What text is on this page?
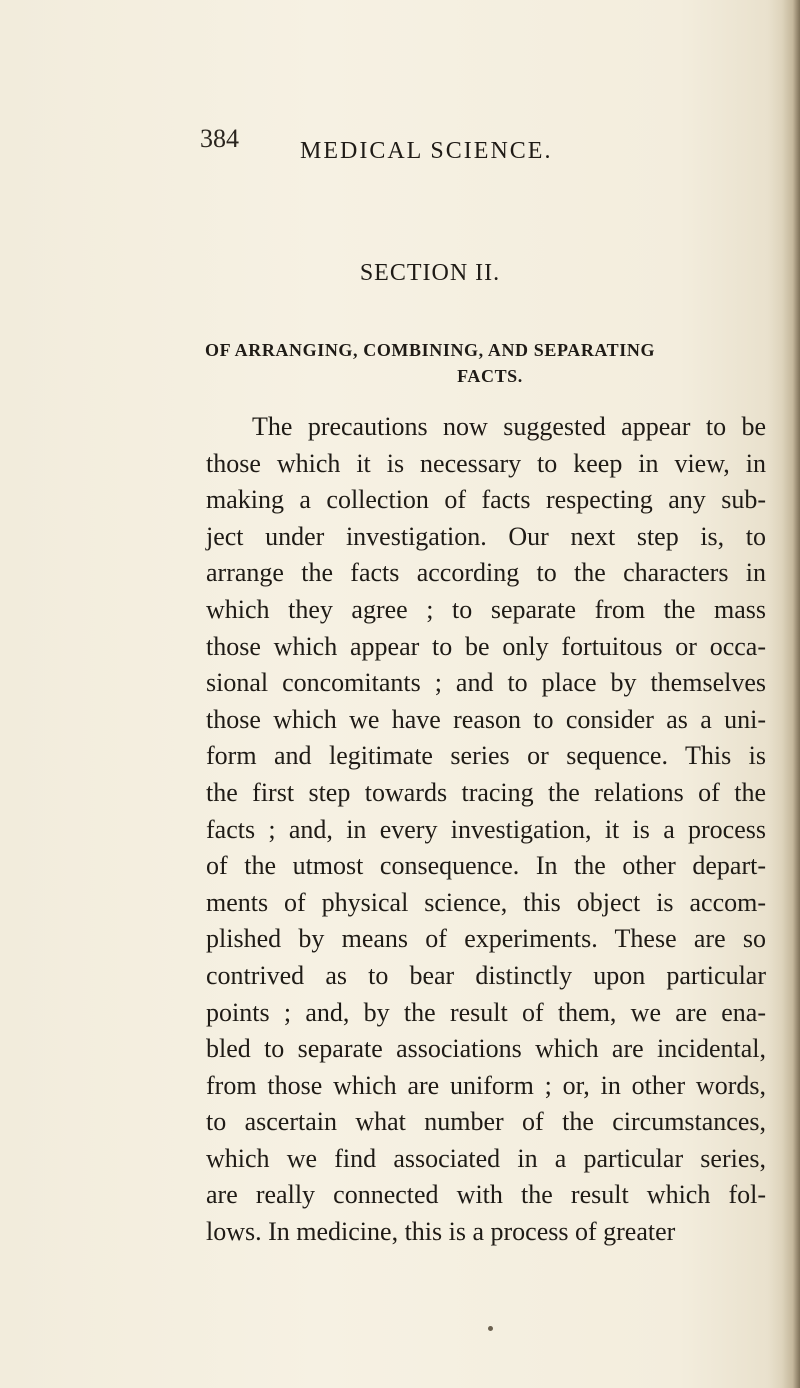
384	MEDICAL SCIENCE.
SECTION II.
OF ARRANGING, COMBINING, AND SEPARATING
FACTS.
The precautions now suggested appear to be
those which it is necessary to keep in view, in
making a collection of facts respecting any sub-
ject under investigation. Our next step is, to
arrange the facts according to the characters in
which they agree ; to separate from the mass
those which appear to be only fortuitous or occa-
sional concomitants ; and to place by themselves
those which we have reason to consider as a uni-
form and legitimate series or sequence. This is
the first step towards tracing the relations of the
facts ; and, in every investigation, it is a process
of the utmost consequence. In the other depart-
ments of physical science, this object is accom-
plished by means of experiments. These are so
contrived as to bear distinctly upon particular
points ; and, by the result of them, we are ena-
bled to separate associations which are incidental,
from those which are uniform ; or, in other words,
to ascertain what number of the circumstances,
which we find associated in a particular series,
are really connected with the result which fol-
lows. In medicine, this is a process of greater
